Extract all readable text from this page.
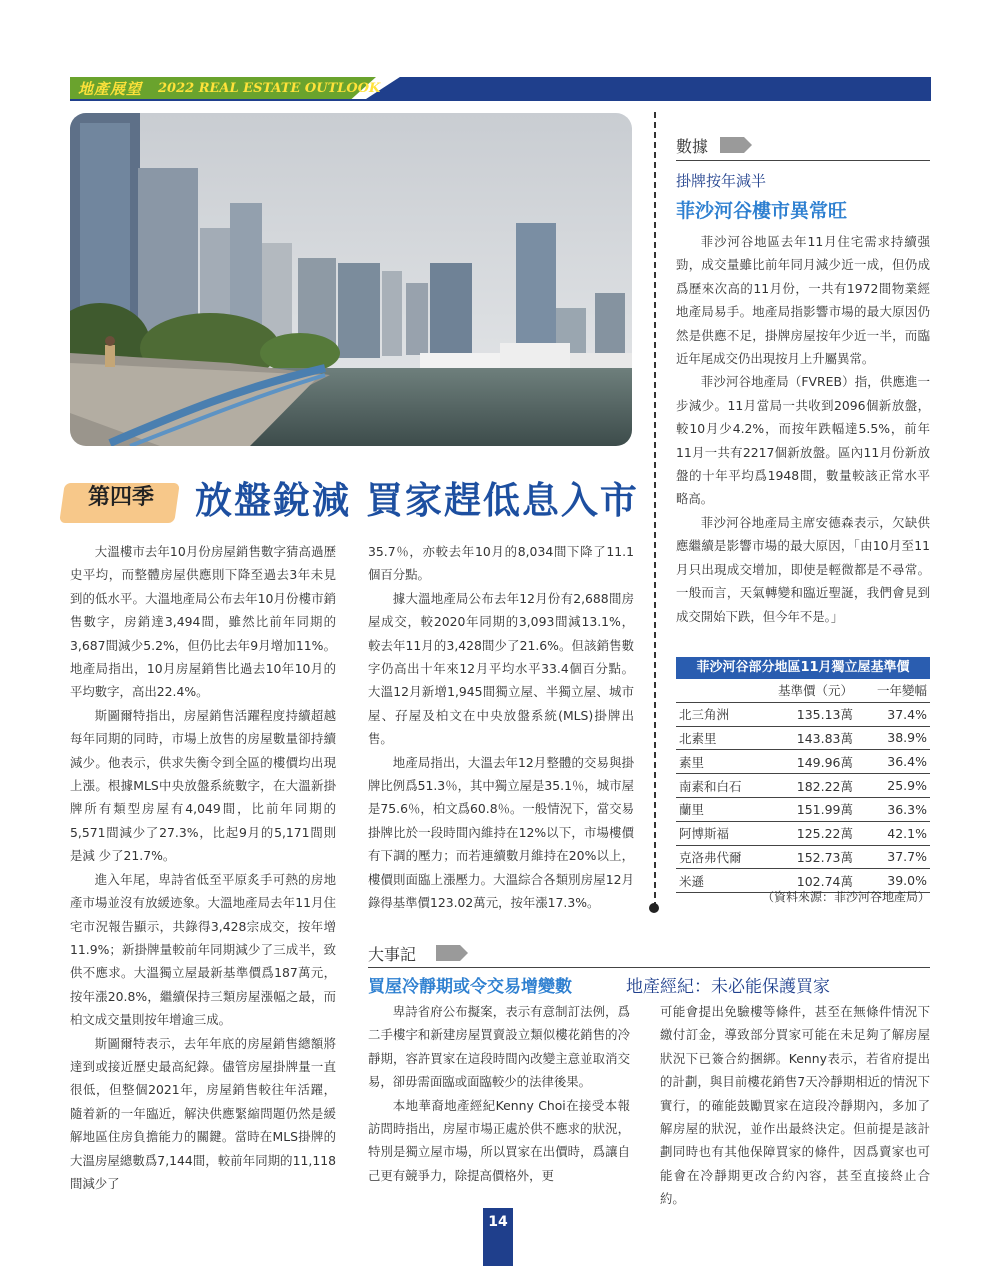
地產展望 2022 REAL ESTATE OUTLOOK
第四季 放盤銳減 買家趕低息入市

大溫樓市去年10月份房屋銷售數字猜高過歷史平均，而整體房屋供應則下降至過去3年未見到的低水平。大溫地產局公布去年10月份樓市銷售數字，房銷達3,494間，雖然比前年同期的3,687間減少5.2%，但仍比去年9月增加11%。地產局指出，10月房屋銷售比過去10年10月的平均數字，高出22.4%。

斯圖爾特指出，房屋銷售活躍程度持續超越每年同期的同時，市場上放售的房屋數量卻持續減少。他表示，供求失衡令到全區的樓價均出現上漲。根據MLS中央放盤系統數字，在大溫新掛牌所有類型房屋有4,049間，比前年同期的5,571間減少了27.3%，比起9月的5,171間則是減 少了21.7%。

進入年尾，卑詩省低至平原炙手可熱的房地產市場並沒有放緩迹象。大溫地產局去年11月住宅市況報告顯示，共錄得3,428宗成交，按年增11.9%；新掛牌量較前年同期減少了三成半，致供不應求。大溫獨立屋最新基準價爲187萬元，按年漲20.8%，繼續保持三類房屋漲幅之最，而柏文成交量則按年增逾三成。

斯圖爾特表示，去年年底的房屋銷售總額將達到或接近歷史最高紀錄。儘管房屋掛牌量一直很低，但整個2021年，房屋銷售較往年活躍，隨着新的一年臨近，解決供應緊縮問題仍然是緩解地區住房負擔能力的關鍵。當時在MLS掛牌的大溫房屋總數爲7,144間，較前年同期的11,118間減少了

35.7％，亦較去年10月的8,034間下降了11.1個百分點。

據大溫地產局公布去年12月份有2,688間房屋成交，較2020年同期的3,093間減13.1%，較去年11月的3,428間少了21.6%。但該銷售數字仍高出十年來12月平均水平33.4個百分點。大溫12月新增1,945間獨立屋、半獨立屋、城市屋、孖屋及柏文在中央放盤系統(MLS)掛牌出售。

地產局指出，大溫去年12月整體的交易與掛牌比例爲51.3％，其中獨立屋是35.1％，城市屋是75.6％，柏文爲60.8％。一般情況下，當交易掛牌比於一段時間內維持在12%以下，市場樓價有下調的壓力；而若連續數月維持在20%以上，樓價則面臨上漲壓力。大溫綜合各類別房屋12月錄得基準價123.02萬元，按年漲17.3%。

數據
掛牌按年減半
菲沙河谷樓市異常旺

菲沙河谷地區去年11月住宅需求持續强勁，成交量雖比前年同月減少近一成，但仍成爲歷來次高的11月份，一共有1972間物業經地產局易手。地產局指影響市場的最大原因仍然是供應不足，掛牌房屋按年少近一半，而臨近年尾成交仍出現按月上升屬異常。

菲沙河谷地產局（FVREB）指，供應進一步減少。11月當局一共收到2096個新放盤，較10月少4.2%，而按年跌幅達5.5%，前年11月一共有2217個新放盤。區內11月份新放盤的十年平均爲1948間，數量較該正常水平略高。

菲沙河谷地產局主席安德森表示，欠缺供應繼續是影響市場的最大原因，「由10月至11月只出現成交增加，即使是輕微都是不尋常。一般而言，天氣轉變和臨近聖誕，我們會見到成交開始下跌，但今年不是。」

菲沙河谷部分地區11月獨立屋基準價
	基準價（元）	一年變幅
北三角洲	135.13萬	37.4%
北素里	143.83萬	38.9%
素里	149.96萬	36.4%
南素和白石	182.22萬	25.9%
蘭里	151.99萬	36.3%
阿博斯福	125.22萬	42.1%
克洛弗代爾	152.73萬	37.7%
米遜	102.74萬	39.0%
（資料來源：菲沙河谷地產局）
大事記
買屋冷靜期或令交易增變數	地產經紀：未必能保護買家

卑詩省府公布擬案，表示有意制訂法例，爲二手樓宇和新建房屋買賣設立類似樓花銷售的冷靜期，容許買家在這段時間內改變主意並取消交易，卻毋需面臨或面臨較少的法律後果。

本地華裔地產經紀Kenny Choi在接受本報訪問時指出，房屋市場正處於供不應求的狀況，特別是獨立屋市場，所以買家在出價時，爲讓自己更有競爭力，除提高價格外，更

可能會提出免驗樓等條件，甚至在無條件情況下繳付訂金，導致部分買家可能在未足夠了解房屋狀況下已簽合約捆綁。Kenny表示，若省府提出的計劃，與目前樓花銷售7天冷靜期相近的情況下實行，的確能鼓勵買家在這段冷靜期內，多加了解房屋的狀況，並作出最終決定。但前提是該計劃同時也有其他保障買家的條件，因爲賣家也可能會在冷靜期更改合約內容，甚至直接終止合約。

14
